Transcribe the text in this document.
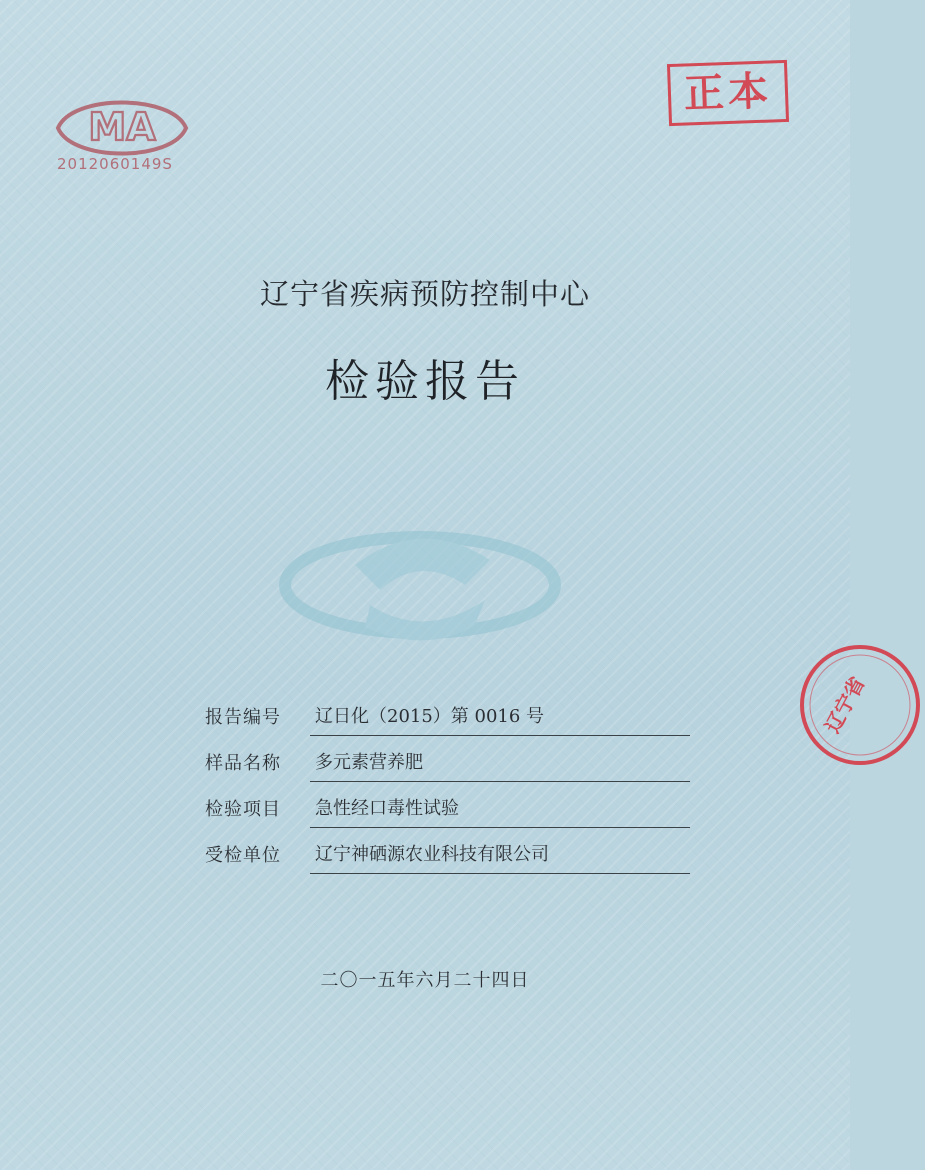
MA
2012060149S
正本
辽宁省
辽宁省疾病预防控制中心
检验报告
报告编号	辽日化（2015）第 0016 号
样品名称	多元素营养肥
检验项目	急性经口毒性试验
受检单位	辽宁神硒源农业科技有限公司
二〇一五年六月二十四日
